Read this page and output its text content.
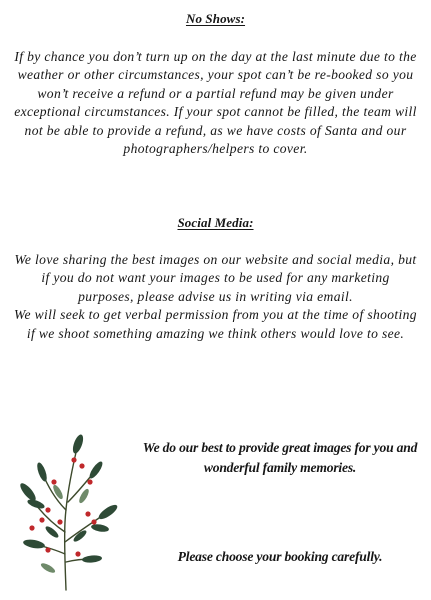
No Shows:

If by chance you don’t turn up on the day at the last minute due to the weather or other circumstances, your spot can’t be re-booked so you won’t receive a refund or a partial refund may be given under exceptional circumstances. If your spot cannot be filled, the team will not be able to provide a refund, as we have costs of Santa and our photographers/helpers to cover.

Social Media:

We love sharing the best images on our website and social media, but if you do not want your images to be used for any marketing purposes, please advise us in writing via email.

We will seek to get verbal permission from you at the time of shooting if we shoot something amazing we think others would love to see.

We do our best to provide great images for you and wonderful family memories.
Please choose your booking carefully.
